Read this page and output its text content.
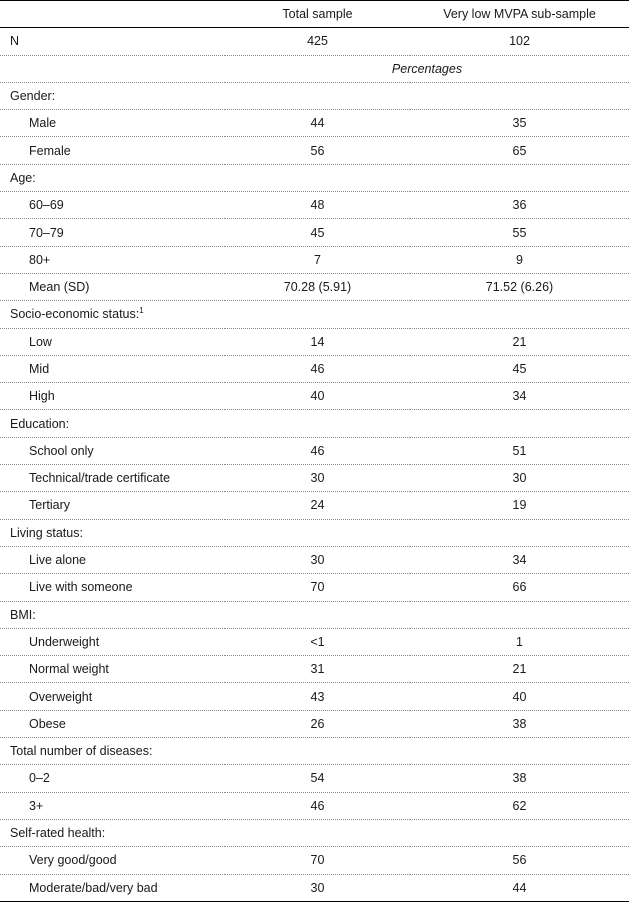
	Total sample	Very low MVPA sub-sample
N	425	102
	Percentages	
Gender:		
Male	44	35
Female	56	65
Age:		
60–69	48	36
70–79	45	55
80+	7	9
Mean (SD)	70.28 (5.91)	71.52 (6.26)
Socio-economic status:$^1$
Low	14	21
Mid	46	45
High	40	34
Education:		
School only	46	51
Technical/trade certificate	30	30
Tertiary	24	19
Living status:		
Live alone	30	34
Live with someone	70	66
BMI:		
Underweight	<1	1
Normal weight	31	21
Overweight	43	40
Obese	26	38
Total number of diseases:		
0–2	54	38
3+	46	62
Self-rated health:		
Very good/good	70	56
Moderate/bad/very bad	30	44
